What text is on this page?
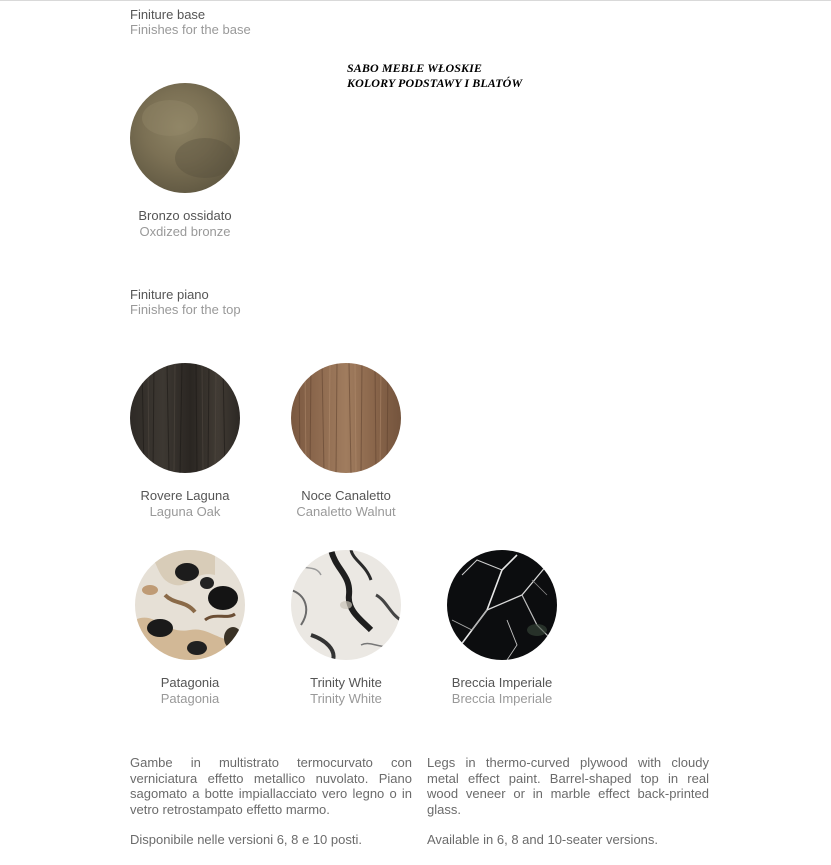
Finiture base
Finishes for the base
SABO MEBLE WŁOSKIE
KOLORY PODSTAWY I BLATÓW
Bronzo ossidato
Oxdized bronze
Finiture piano
Finishes for the top
Rovere Laguna
Laguna Oak
Noce Canaletto
Canaletto Walnut
Patagonia
Patagonia
Trinity White
Trinity White
Breccia Imperiale
Breccia Imperiale

Gambe in multistrato termocurvato con verniciatura effetto metallico nuvolato. Piano sagomato a botte impiallacciato vero legno o in vetro retrostampato effetto marmo.

Legs in thermo-curved plywood with cloudy metal effect paint. Barrel-shaped top in real wood veneer or in marble effect back-printed glass.

Disponibile nelle versioni 6, 8 e 10 posti.	Available in 6, 8 and 10-seater versions.
